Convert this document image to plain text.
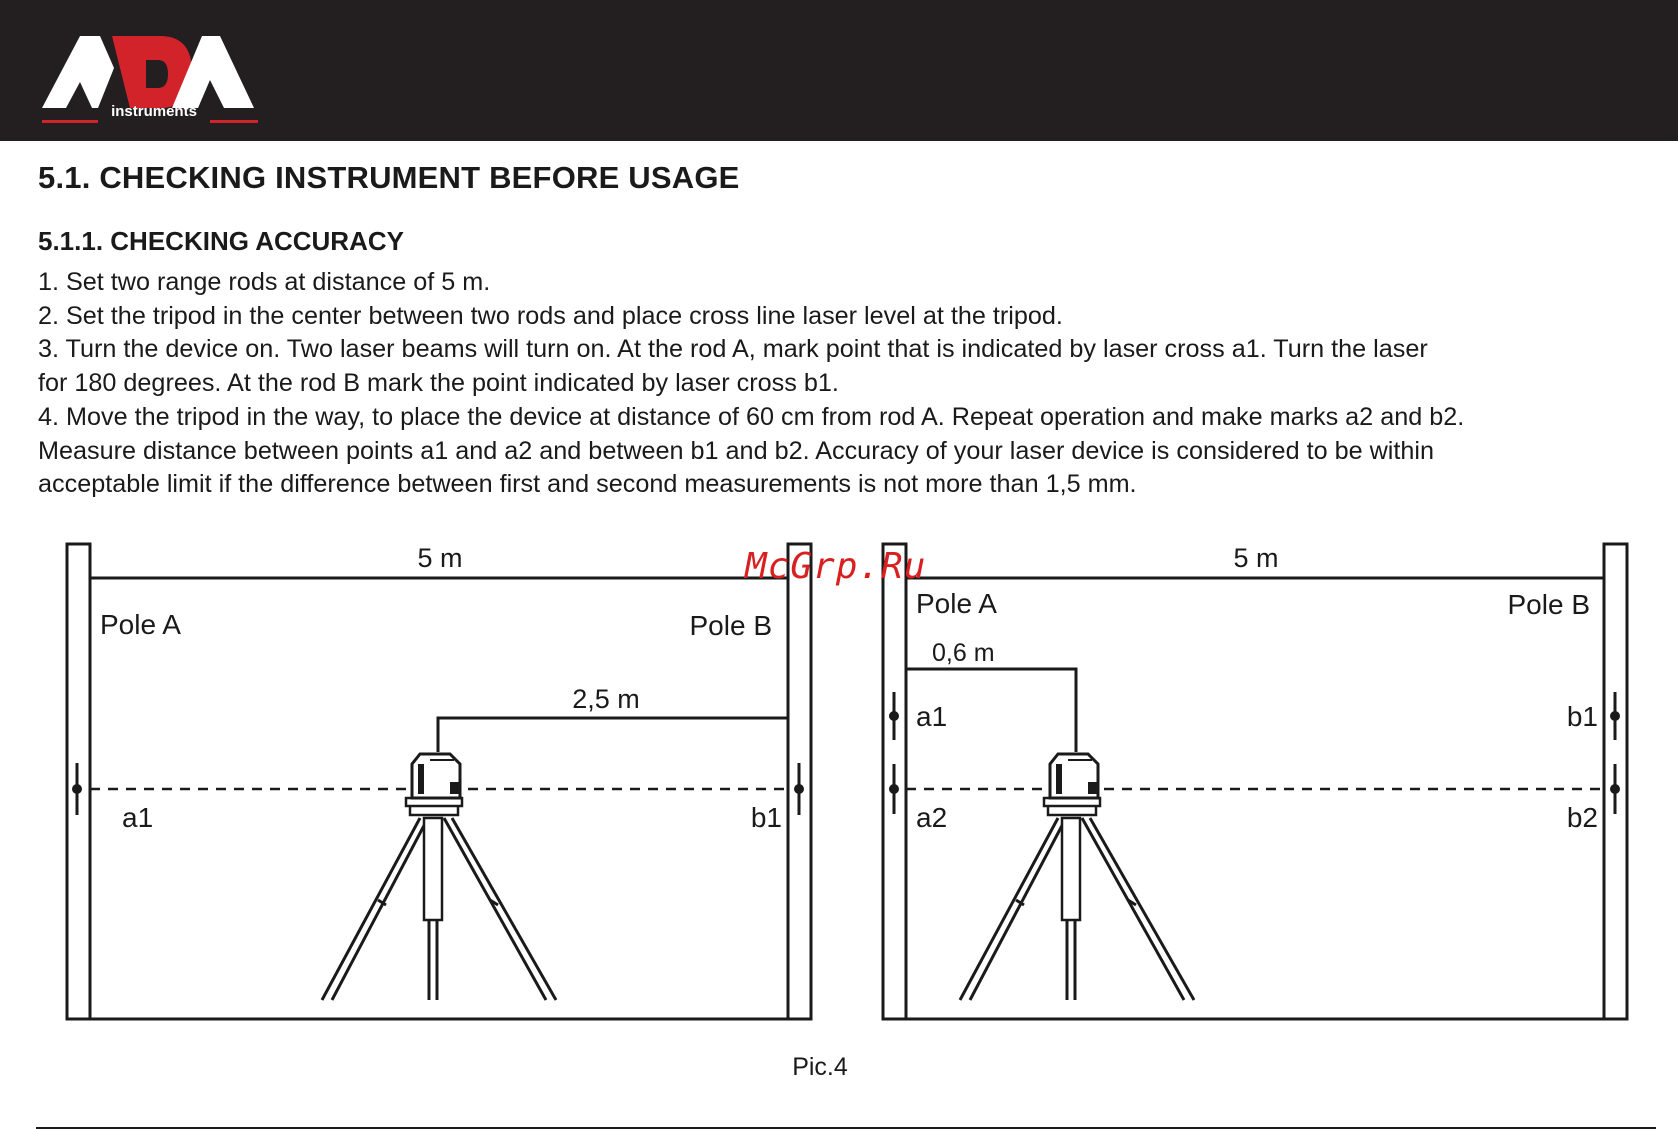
instruments
5.1. CHECKING INSTRUMENT BEFORE USAGE
5.1.1. CHECKING ACCURACY

1. Set two range rods at distance of 5 m.

2. Set the tripod in the center between two rods and place cross line laser level at the tripod.

3. Turn the device on. Two laser beams will turn on. At the rod A, mark point that is indicated by laser cross a1. Turn the laser

for 180 degrees. At the rod B mark the point indicated by laser cross b1.

4. Move the tripod in the way, to place the device at distance of 60 cm from rod A. Repeat operation and make marks a2 and b2.

Measure distance between points a1 and a2 and between b1 and b2. Accuracy of your laser device is considered to be within

acceptable limit if the difference between first and second measurements is not more than 1,5 mm.

5 m
Pole A	Pole B
2,5 m
a1	b1
5 m
Pole A	Pole B
0,6 m
a1	b1
a2	b2
McGrp.Ru
Pic.4
